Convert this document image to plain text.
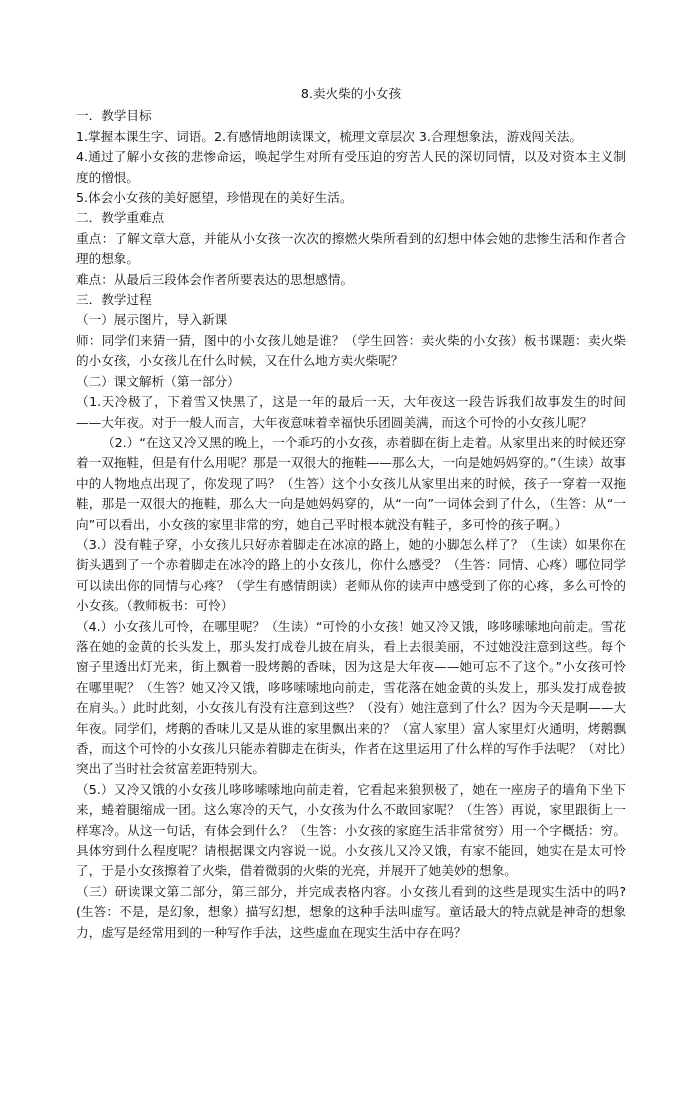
8.卖火柴的小女孩

一．教学目标

1.掌握本课生字、词语。2.有感情地朗读课文，梳理文章层次 3.合理想象法，游戏闯关法。

4.通过了解小女孩的悲惨命运，唤起学生对所有受压迫的穷苦人民的深切同情，以及对资本主义制度的憎恨。

5.体会小女孩的美好愿望，珍惜现在的美好生活。

二．教学重难点

重点：了解文章大意，并能从小女孩一次次的擦燃火柴所看到的幻想中体会她的悲惨生活和作者合理的想象。

难点：从最后三段体会作者所要表达的思想感情。

三．教学过程

（一）展示图片，导入新课

师：同学们来猜一猜，图中的小女孩儿她是谁？（学生回答：卖火柴的小女孩）板书课题：卖火柴的小女孩，小女孩儿在什么时候，又在什么地方卖火柴呢？

（二）课文解析（第一部分）

（1.天冷极了，下着雪又快黑了，这是一年的最后一天，大年夜这一段告诉我们故事发生的时间——大年夜。对于一般人而言，大年夜意味着幸福快乐团圆美满，而这个可怜的小女孩儿呢？

（2.）“在这又冷又黑的晚上，一个乖巧的小女孩，赤着脚在街上走着。从家里出来的时候还穿着一双拖鞋，但是有什么用呢？那是一双很大的拖鞋——那么大，一向是她妈妈穿的。”（生读）故事中的人物地点出现了，你发现了吗？（生答）这个小女孩儿从家里出来的时候，孩子一穿着一双拖鞋，那是一双很大的拖鞋，那么大一向是她妈妈穿的，从“一向”一词体会到了什么，（生答：从“一向”可以看出，小女孩的家里非常的穷，她自己平时根本就没有鞋子，多可怜的孩子啊。）

（3.）没有鞋子穿，小女孩儿只好赤着脚走在冰凉的路上，她的小脚怎么样了？（生读）如果你在街头遇到了一个赤着脚走在冰冷的路上的小女孩儿，你什么感受？（生答：同情、心疼）哪位同学可以读出你的同情与心疼？（学生有感情朗读）老师从你的读声中感受到了你的心疼，多么可怜的小女孩。（教师板书：可怜）

（4.）小女孩儿可怜，在哪里呢？（生读）“可怜的小女孩！她又冷又饿，哆哆嗦嗦地向前走。雪花落在她的金黄的长头发上，那头发打成卷儿披在肩头，看上去很美丽，不过她没注意到这些。每个窗子里透出灯光来，街上飘着一股烤鹅的香味，因为这是大年夜——她可忘不了这个。”小女孩可怜在哪里呢？（生答？她又冷又饿，哆哆嗦嗦地向前走，雪花落在她金黄的头发上，那头发打成卷披在肩头。）此时此刻，小女孩儿有没有注意到这些？（没有）她注意到了什么？因为今天是啊——大年夜。同学们，烤鹅的香味儿又是从谁的家里飘出来的？（富人家里）富人家里灯火通明，烤鹅飘香，而这个可怜的小女孩儿只能赤着脚走在街头，作者在这里运用了什么样的写作手法呢？（对比）突出了当时社会贫富差距特别大。

（5.）又冷又饿的小女孩儿哆哆嗦嗦地向前走着，它看起来狼狈极了，她在一座房子的墙角下坐下来，蜷着腿缩成一团。这么寒冷的天气，小女孩为什么不敢回家呢？（生答）再说，家里跟街上一样寒冷。从这一句话，有体会到什么？（生答：小女孩的家庭生活非常贫穷）用一个字概括：穷。具体穷到什么程度呢？请根据课文内容说一说。小女孩儿又冷又饿，有家不能回，她实在是太可怜了，于是小女孩擦着了火柴，借着微弱的火柴的光亮，并展开了她美妙的想象。

（三）研读课文第二部分，第三部分，并完成表格内容。小女孩儿看到的这些是现实生活中的吗?(生答：不是，是幻象，想象）描写幻想，想象的这种手法叫虚写。童话最大的特点就是神奇的想象力，虚写是经常用到的一种写作手法，这些虚血在现实生活中存在吗？
